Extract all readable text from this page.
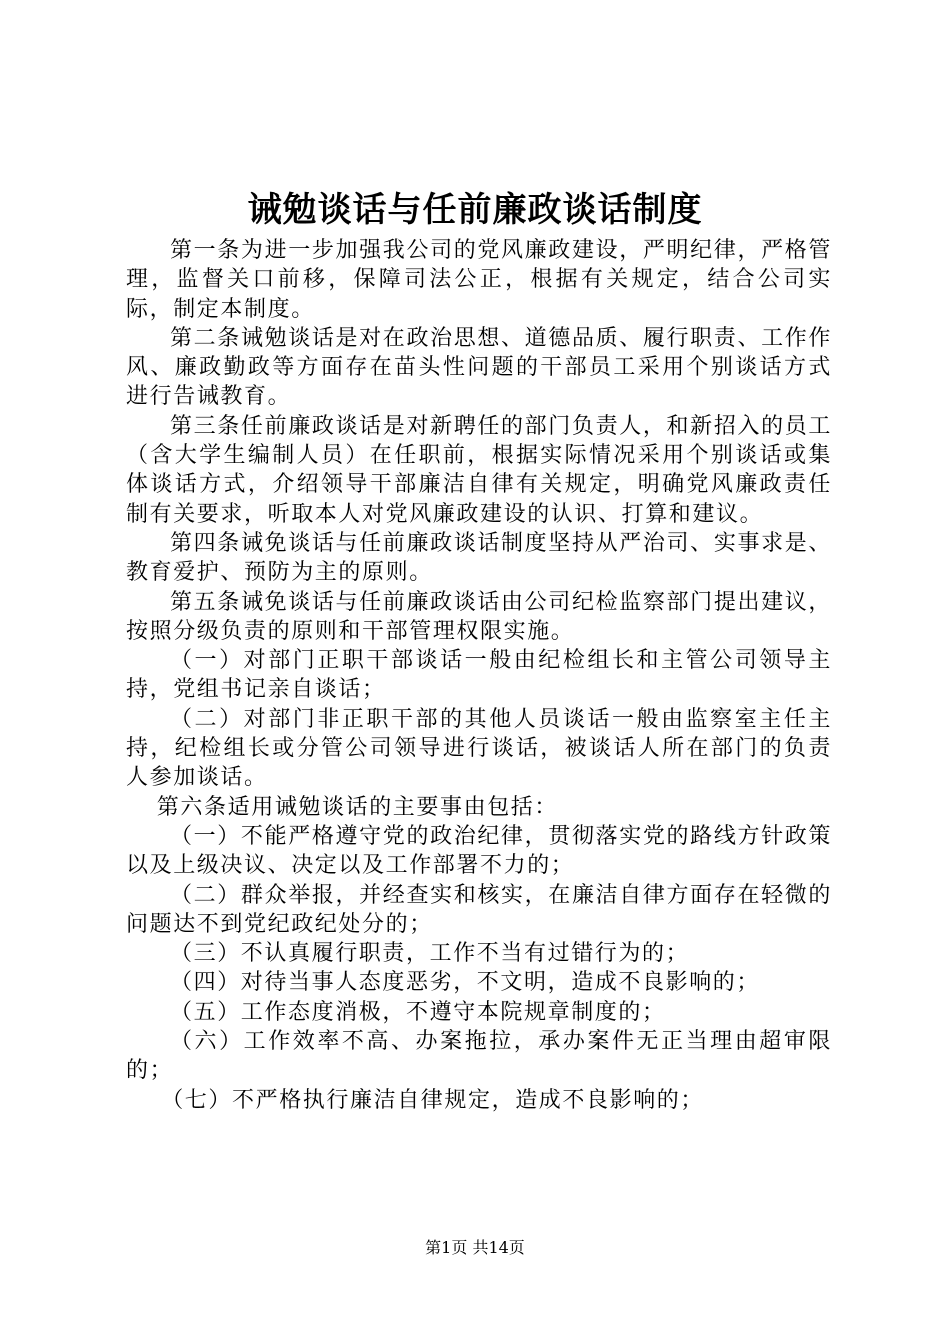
诫勉谈话与任前廉政谈话制度

第一条为进一步加强我公司的党风廉政建设，严明纪律，严格管理，监督关口前移，保障司法公正，根据有关规定，结合公司实际，制定本制度。

第二条诫勉谈话是对在政治思想、道德品质、履行职责、工作作风、廉政勤政等方面存在苗头性问题的干部员工采用个别谈话方式进行告诫教育。

第三条任前廉政谈话是对新聘任的部门负责人，和新招入的员工（含大学生编制人员）在任职前，根据实际情况采用个别谈话或集体谈话方式，介绍领导干部廉洁自律有关规定，明确党风廉政责任制有关要求，听取本人对党风廉政建设的认识、打算和建议。

第四条诫免谈话与任前廉政谈话制度坚持从严治司、实事求是、教育爱护、预防为主的原则。

第五条诫免谈话与任前廉政谈话由公司纪检监察部门提出建议，按照分级负责的原则和干部管理权限实施。

（一）对部门正职干部谈话一般由纪检组长和主管公司领导主持，党组书记亲自谈话；

（二）对部门非正职干部的其他人员谈话一般由监察室主任主持，纪检组长或分管公司领导进行谈话，被谈话人所在部门的负责人参加谈话。

第六条适用诫勉谈话的主要事由包括：

（一）不能严格遵守党的政治纪律，贯彻落实党的路线方针政策以及上级决议、决定以及工作部署不力的；

（二）群众举报，并经查实和核实，在廉洁自律方面存在轻微的问题达不到党纪政纪处分的；

（三）不认真履行职责，工作不当有过错行为的；

（四）对待当事人态度恶劣，不文明，造成不良影响的；

（五）工作态度消极，不遵守本院规章制度的；

（六）工作效率不高、办案拖拉，承办案件无正当理由超审限的；

（七）不严格执行廉洁自律规定，造成不良影响的；

第1页 共14页
